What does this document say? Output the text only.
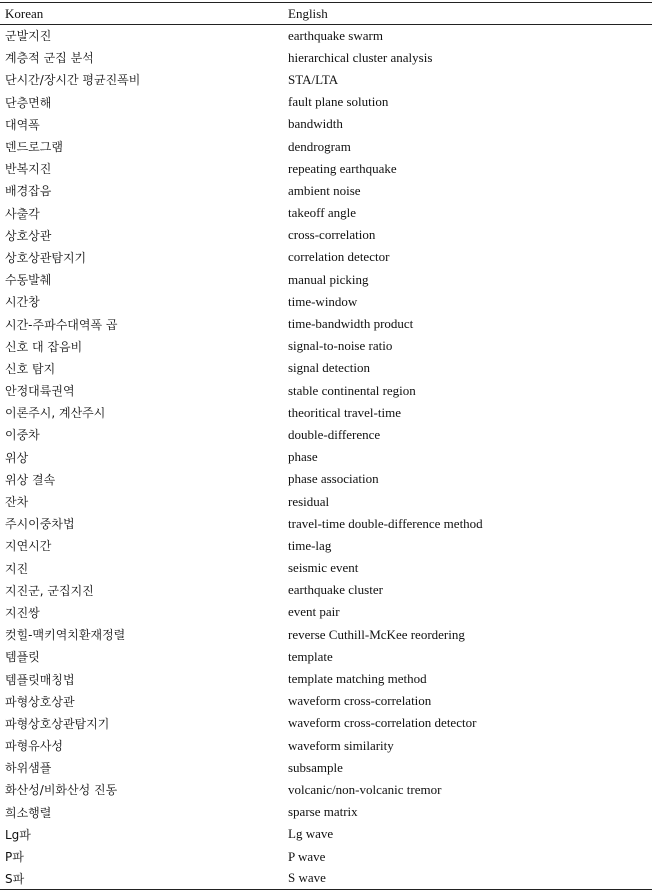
Korean	English
군발지진	earthquake swarm
계층적 군집 분석	hierarchical cluster analysis
단시간/장시간 평균진폭비	STA/LTA
단층면해	fault plane solution
대역폭	bandwidth
덴드로그램	dendrogram
반복지진	repeating earthquake
배경잡음	ambient noise
사출각	takeoff angle
상호상관	cross-correlation
상호상관탐지기	correlation detector
수동발췌	manual picking
시간창	time-window
시간-주파수대역폭 곱	time-bandwidth product
신호 대 잡음비	signal-to-noise ratio
신호 탐지	signal detection
안정대륙권역	stable continental region
이론주시, 계산주시	theoritical travel-time
이중차	double-difference
위상	phase
위상 결속	phase association
잔차	residual
주시이중차법	travel-time double-difference method
지연시간	time-lag
지진	seismic event
지진군, 군집지진	earthquake cluster
지진쌍	event pair
컷힐-맥키역치환재정렬	reverse Cuthill-McKee reordering
템플릿	template
템플릿매칭법	template matching method
파형상호상관	waveform cross-correlation
파형상호상관탐지기	waveform cross-correlation detector
파형유사성	waveform similarity
하위샘플	subsample
화산성/비화산성 진동	volcanic/non-volcanic tremor
희소행렬	sparse matrix
Lg파	Lg wave
P파	P wave
S파	S wave
